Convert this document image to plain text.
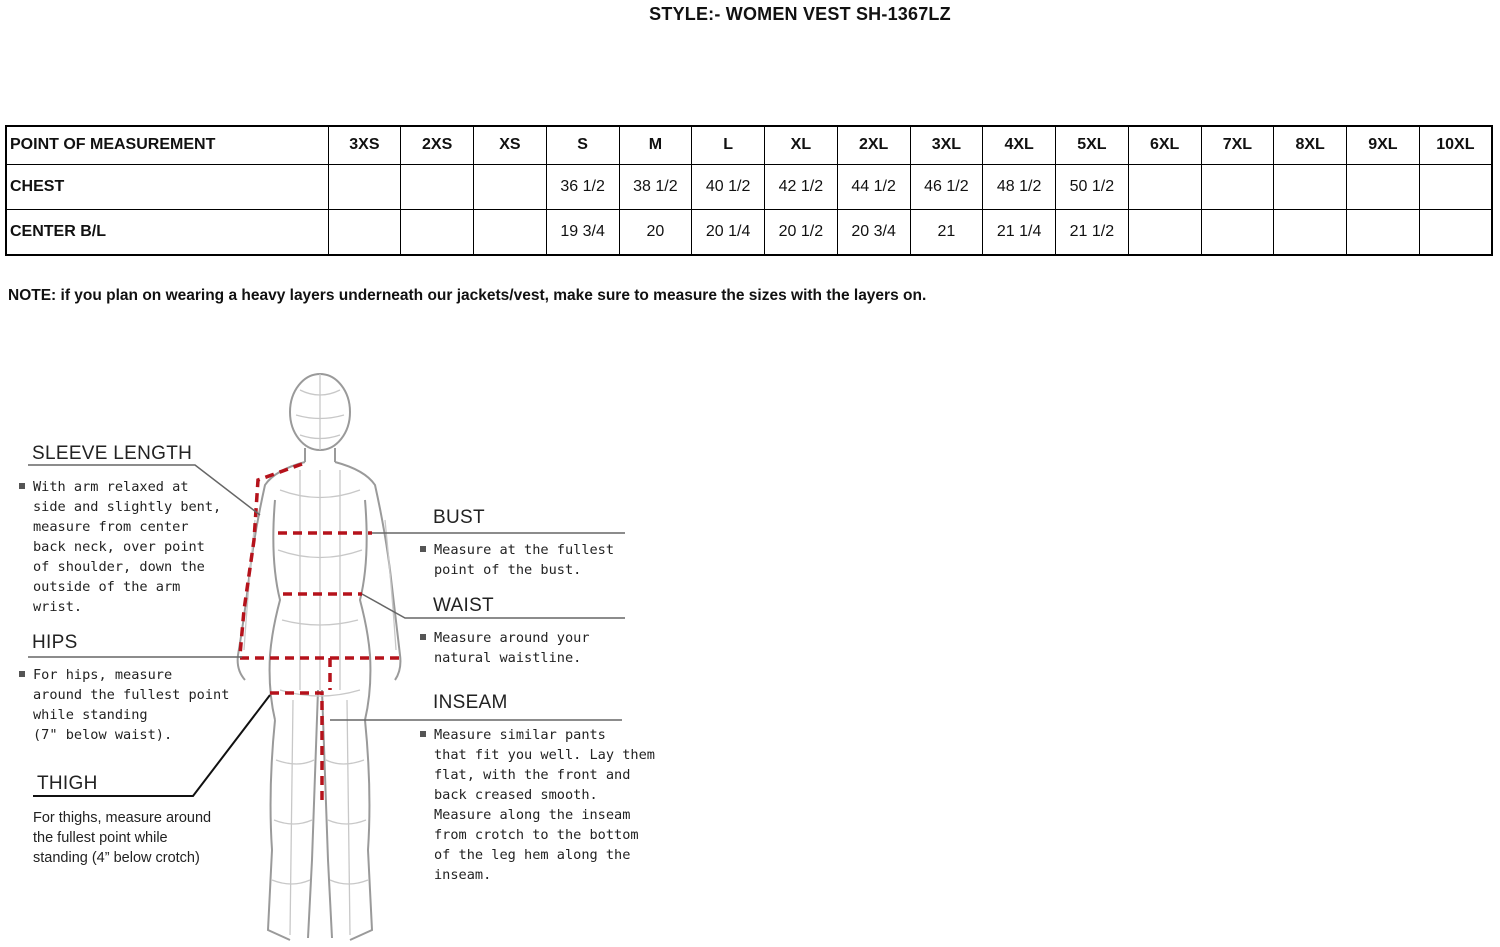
STYLE:- WOMEN VEST SH-1367LZ
POINT OF MEASUREMENT	3XS	2XS	XS	S	M	L	XL	2XL	3XL	4XL	5XL	6XL	7XL	8XL	9XL	10XL
CHEST				36 1/2	38 1/2	40 1/2	42 1/2	44 1/2	46 1/2	48 1/2	50 1/2					
CENTER B/L				19 3/4	20	20 1/4	20 1/2	20 3/4	21	21 1/4	21 1/2					
NOTE: if you plan on wearing a heavy layers underneath our jackets/vest, make sure to measure the sizes with the layers on.
SLEEVE LENGTH
With arm relaxed at
side and slightly bent,
measure from center
back neck, over point
of shoulder, down the
outside of the arm
wrist.
HIPS
For hips, measure
around the fullest point
while standing
(7" below waist).
THIGH
For thighs, measure around
the fullest point while
standing (4” below crotch)
BUST
Measure at the fullest
point of the bust.
WAIST
Measure around your
natural waistline.
INSEAM
Measure similar pants
that fit you well. Lay them
flat, with the front and
back creased smooth.
Measure along the inseam
from crotch to the bottom
of the leg hem along the
inseam.
